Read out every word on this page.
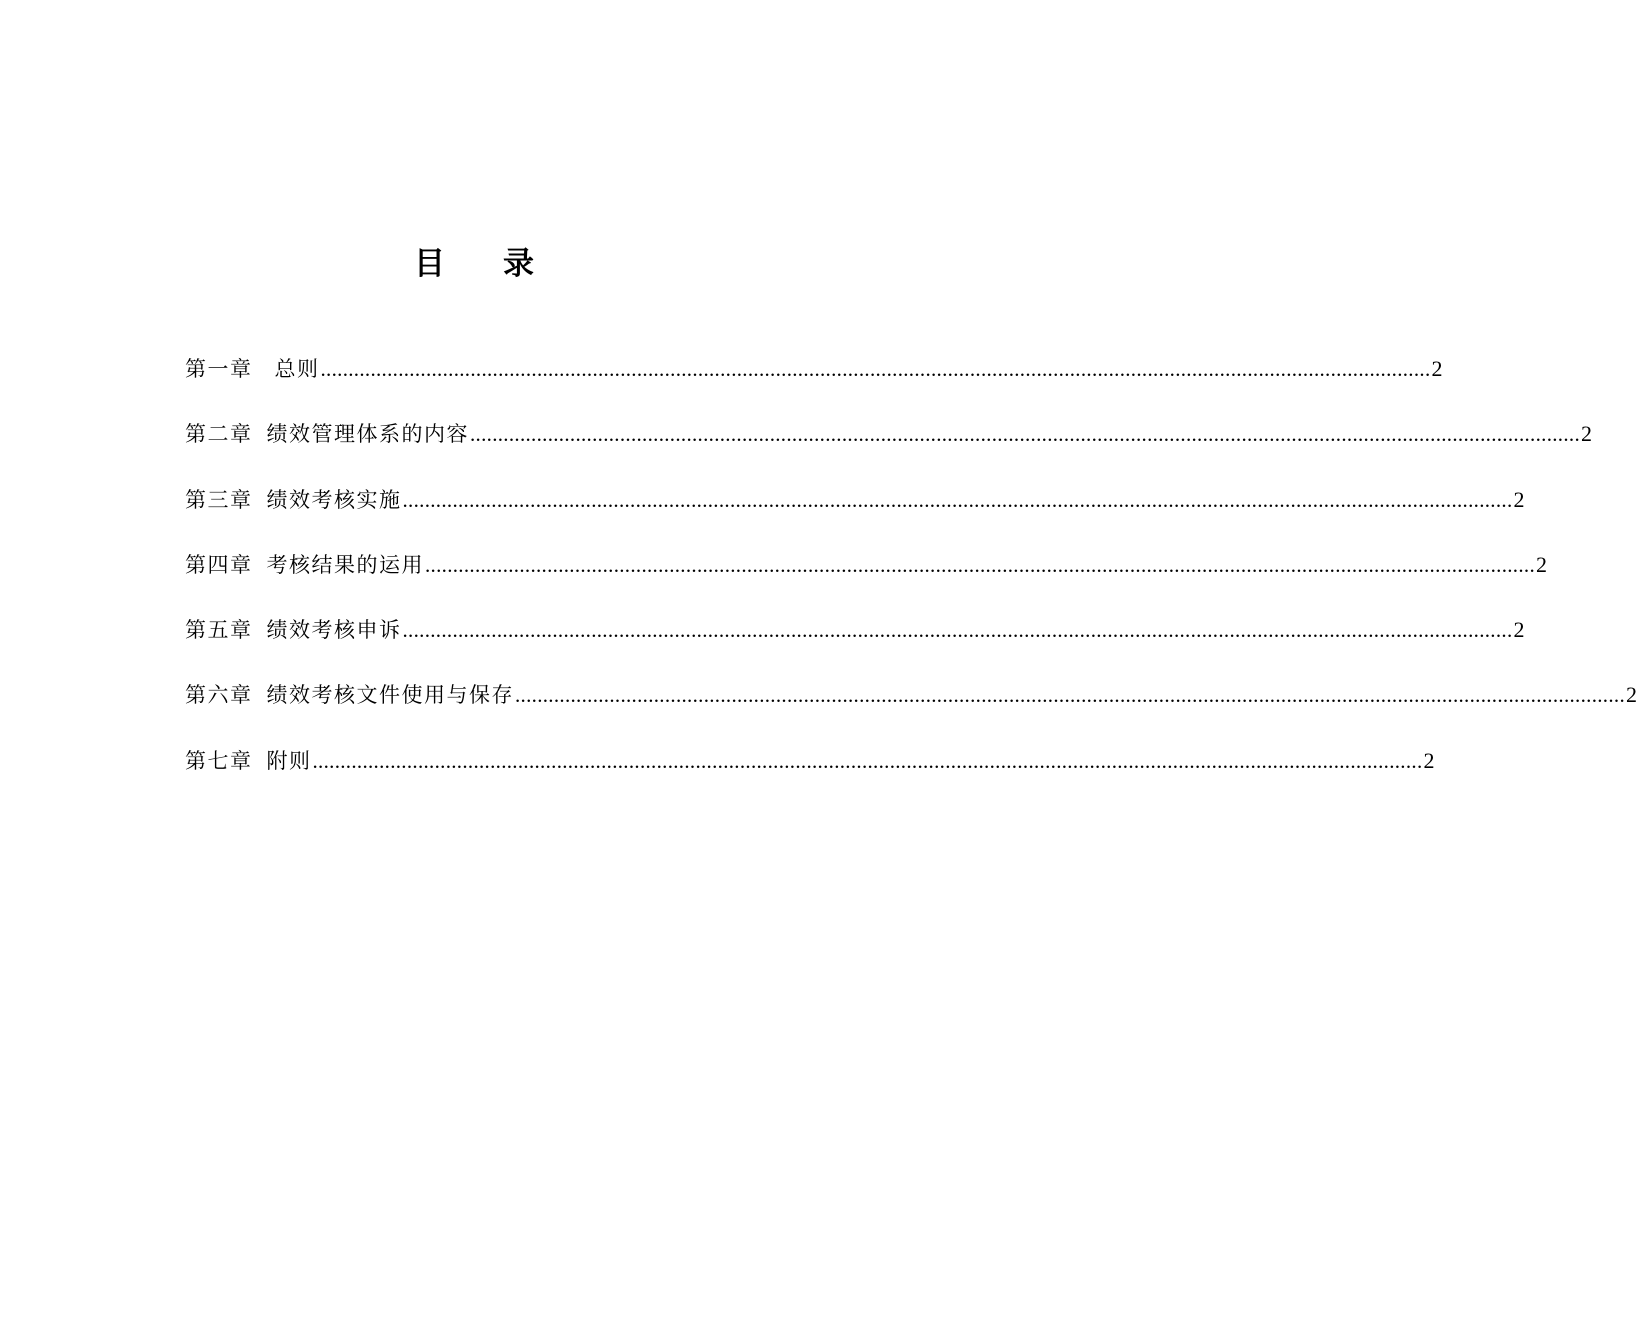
目 录
第一章 总则 ........................................................................................................................................................................................................ 2
第二章 绩效管理体系的内容 ........................................................................................................................................................................................................ 2
第三章 绩效考核实施 ........................................................................................................................................................................................................ 2
第四章 考核结果的运用 ........................................................................................................................................................................................................ 2
第五章 绩效考核申诉 ........................................................................................................................................................................................................ 2
第六章 绩效考核文件使用与保存 ........................................................................................................................................................................................................ 2
第七章 附则 ........................................................................................................................................................................................................ 2
